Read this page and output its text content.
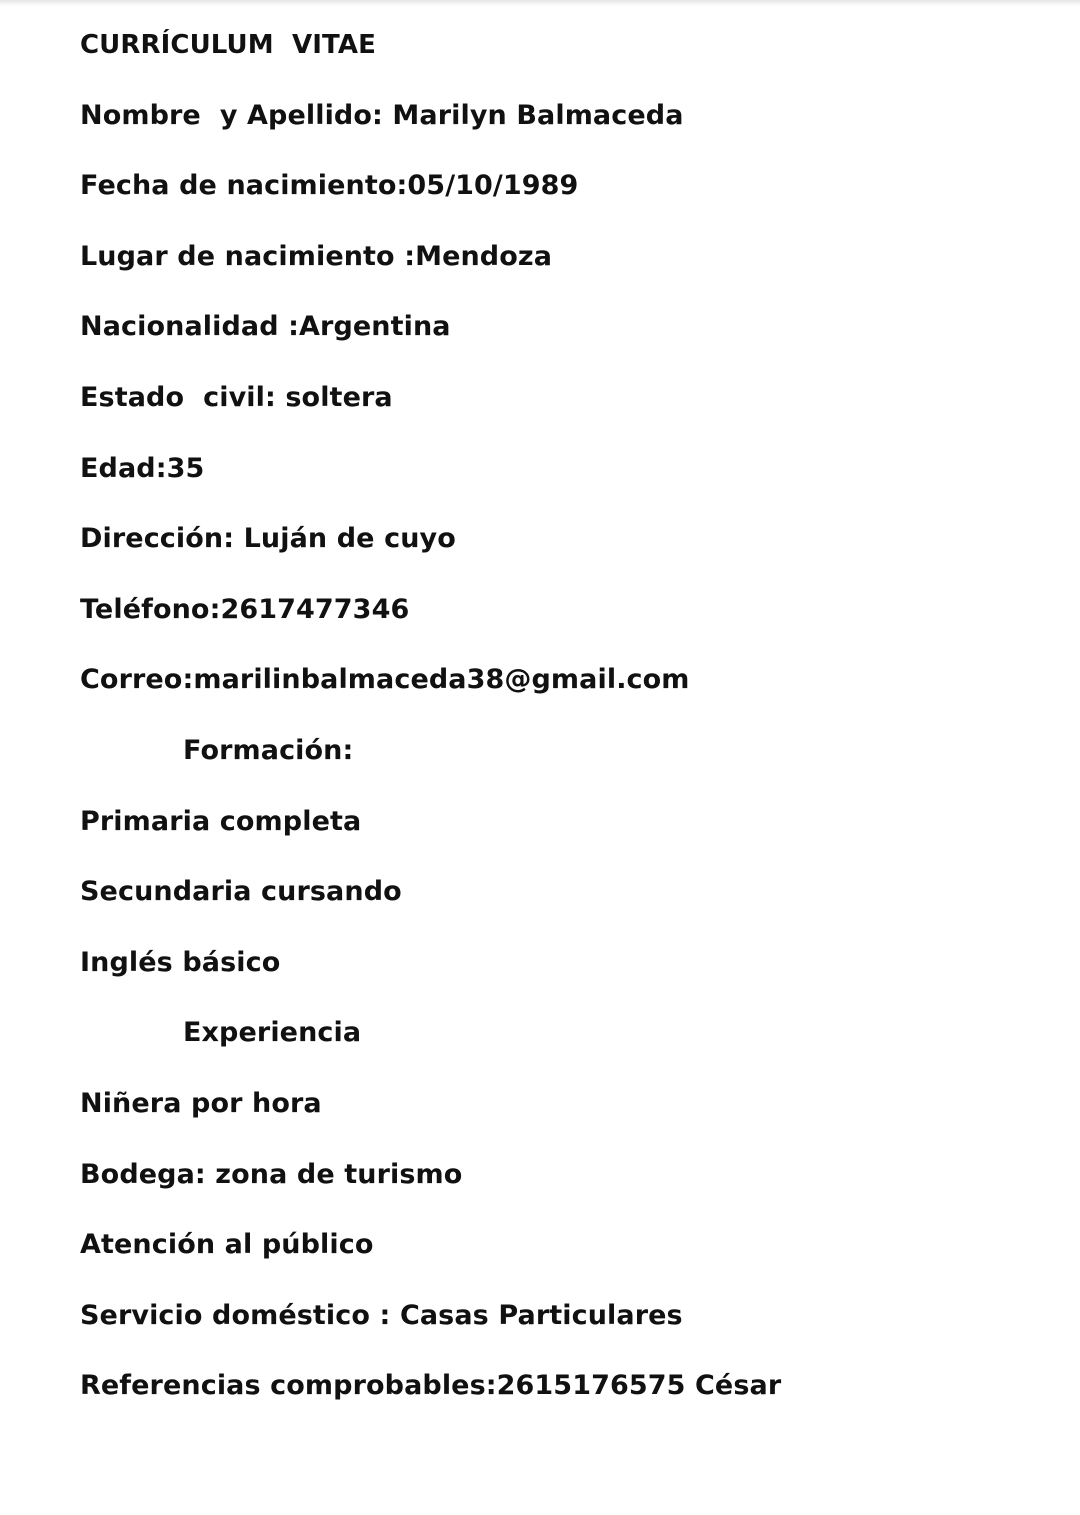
CURRÍCULUM  VITAE
Nombre  y Apellido: Marilyn Balmaceda
Fecha de nacimiento:05/10/1989
Lugar de nacimiento :Mendoza
Nacionalidad :Argentina
Estado  civil: soltera
Edad:35
Dirección: Luján de cuyo
Teléfono:2617477346
Correo:marilinbalmaceda38@gmail.com
Formación:
Primaria completa
Secundaria cursando
Inglés básico
Experiencia
Niñera por hora
Bodega: zona de turismo
Atención al público
Servicio doméstico : Casas Particulares
Referencias comprobables:2615176575 César
